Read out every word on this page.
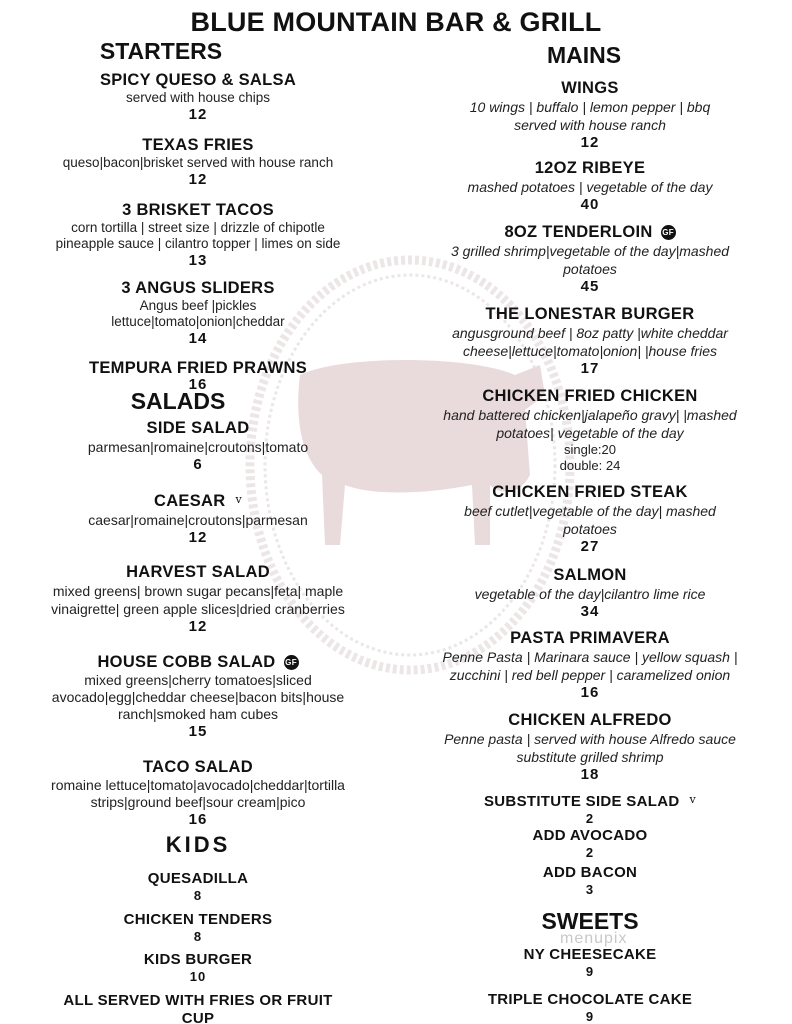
BLUE MOUNTAIN BAR & GRILL
STARTERS
SPICY QUESO & SALSA
served with house chips
12
TEXAS FRIES
queso|bacon|brisket served with house ranch
12
3 BRISKET TACOS
corn tortilla | street size | drizzle of chipotle
pineapple sauce | cilantro topper | limes on side
13
3 ANGUS SLIDERS
Angus beef |pickles
lettuce|tomato|onion|cheddar
14
TEMPURA FRIED PRAWNS
16
SALADS
SIDE SALAD
parmesan|romaine|croutons|tomato
6
CAESAR v
caesar|romaine|croutons|parmesan
12
HARVEST SALAD
mixed greens| brown sugar pecans|feta| maple
vinaigrette| green apple slices|dried cranberries
12
HOUSE COBB SALAD GF
mixed greens|cherry tomatoes|sliced
avocado|egg|cheddar cheese|bacon bits|house
ranch|smoked ham cubes
15
TACO SALAD
romaine lettuce|tomato|avocado|cheddar|tortilla
strips|ground beef|sour cream|pico
16
KIDS
QUESADILLA
8
CHICKEN TENDERS
8
KIDS BURGER
10
ALL SERVED WITH FRIES OR FRUIT
CUP
MAINS
WINGS
10 wings | buffalo | lemon pepper | bbq
served with house ranch
12
12OZ RIBEYE
mashed potatoes | vegetable of the day
40
8OZ TENDERLOIN GF
3 grilled shrimp|vegetable of the day|mashed
potatoes
45
THE LONESTAR BURGER
angusground beef | 8oz patty |white cheddar
cheese|lettuce|tomato|onion| |house fries
17
CHICKEN FRIED CHICKEN
hand battered chicken|jalapeño gravy| |mashed
potatoes| vegetable of the day
single:20
double: 24
CHICKEN FRIED STEAK
beef cutlet|vegetable of the day| mashed
potatoes
27
SALMON
vegetable of the day|cilantro lime rice
34
PASTA PRIMAVERA
Penne Pasta | Marinara sauce | yellow squash |
zucchini | red bell pepper | caramelized onion
16
CHICKEN ALFREDO
Penne pasta | served with house Alfredo sauce
substitute grilled shrimp
18
SUBSTITUTE SIDE SALAD v
2
ADD AVOCADO
2
ADD BACON
3
SWEETS
NY CHEESECAKE
9
TRIPLE CHOCOLATE CAKE
9
menupix
